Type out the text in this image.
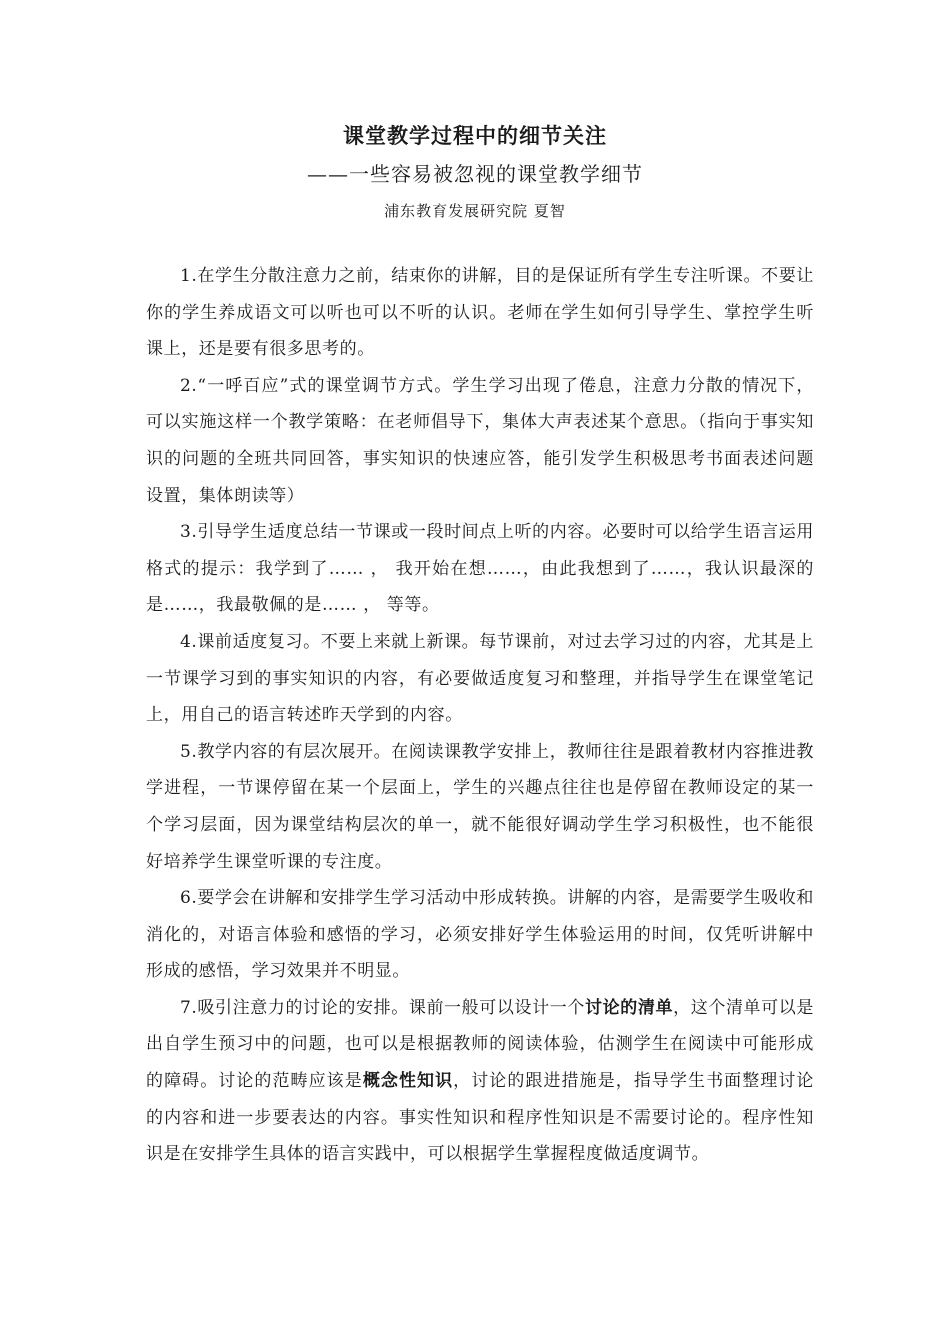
课堂教学过程中的细节关注
——一些容易被忽视的课堂教学细节
浦东教育发展研究院 夏智

1.在学生分散注意力之前，结束你的讲解，目的是保证所有学生专注听课。不要让你的学生养成语文可以听也可以不听的认识。老师在学生如何引导学生、掌控学生听课上，还是要有很多思考的。

2.“一呼百应”式的课堂调节方式。学生学习出现了倦息，注意力分散的情况下，可以实施这样一个教学策略：在老师倡导下，集体大声表述某个意思。（指向于事实知识的问题的全班共同回答，事实知识的快速应答，能引发学生积极思考书面表述问题设置，集体朗读等）

3.引导学生适度总结一节课或一段时间点上听的内容。必要时可以给学生语言运用格式的提示：我学到了…… ， 我开始在想……，由此我想到了……，我认识最深的是……，我最敬佩的是…… ， 等等。

4.课前适度复习。不要上来就上新课。每节课前，对过去学习过的内容，尤其是上一节课学习到的事实知识的内容，有必要做适度复习和整理，并指导学生在课堂笔记上，用自己的语言转述昨天学到的内容。

5.教学内容的有层次展开。在阅读课教学安排上，教师往往是跟着教材内容推进教学进程，一节课停留在某一个层面上，学生的兴趣点往往也是停留在教师设定的某一个学习层面，因为课堂结构层次的单一，就不能很好调动学生学习积极性，也不能很好培养学生课堂听课的专注度。

6.要学会在讲解和安排学生学习活动中形成转换。讲解的内容，是需要学生吸收和消化的，对语言体验和感悟的学习，必须安排好学生体验运用的时间，仅凭听讲解中形成的感悟，学习效果并不明显。

7.吸引注意力的讨论的安排。课前一般可以设计一个讨论的清单，这个清单可以是出自学生预习中的问题，也可以是根据教师的阅读体验，估测学生在阅读中可能形成的障碍。讨论的范畴应该是概念性知识，讨论的跟进措施是，指导学生书面整理讨论的内容和进一步要表达的内容。事实性知识和程序性知识是不需要讨论的。程序性知识是在安排学生具体的语言实践中，可以根据学生掌握程度做适度调节。
